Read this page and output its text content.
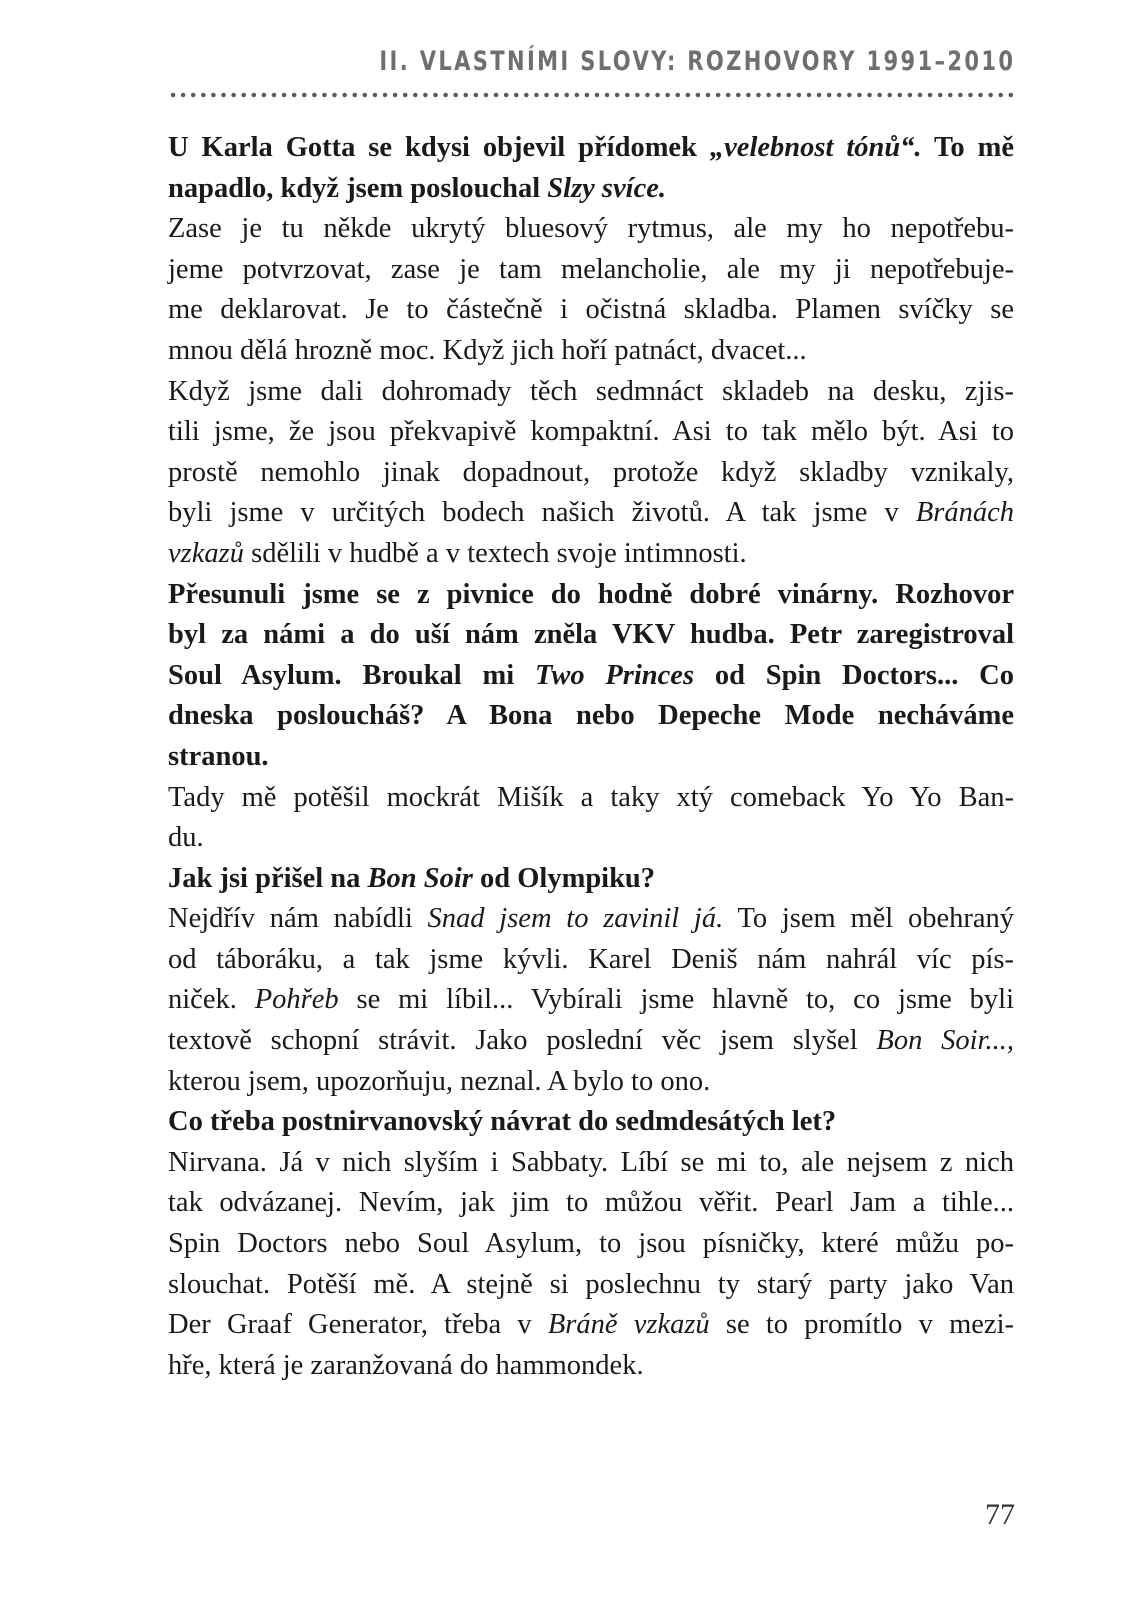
II. VLASTNÍMI SLOVY: ROZHOVORY 1991–2010
U Karla Gotta se kdysi objevil přídomek „velebnost tónů“. To mě
napadlo, když jsem poslouchal Slzy svíce.
Zase je tu někde ukrytý bluesový rytmus, ale my ho nepotřebu-
jeme potvrzovat, zase je tam melancholie, ale my ji nepotřebuje-
me deklarovat. Je to částečně i očistná skladba. Plamen svíčky se
mnou dělá hrozně moc. Když jich hoří patnáct, dvacet...
Když jsme dali dohromady těch sedmnáct skladeb na desku, zjis-
tili jsme, že jsou překvapivě kompaktní. Asi to tak mělo být. Asi to
prostě nemohlo jinak dopadnout, protože když skladby vznikaly,
byli jsme v určitých bodech našich životů. A tak jsme v Bránách
vzkazů sdělili v hudbě a v textech svoje intimnosti.
Přesunuli jsme se z pivnice do hodně dobré vinárny. Rozhovor
byl za námi a do uší nám zněla VKV hudba. Petr zaregistroval
Soul Asylum. Broukal mi Two Princes od Spin Doctors... Co
dneska posloucháš? A Bona nebo Depeche Mode necháváme
stranou.
Tady mě potěšil mockrát Mišík a taky xtý comeback Yo Yo Ban-
du.
Jak jsi přišel na Bon Soir od Olympiku?
Nejdřív nám nabídli Snad jsem to zavinil já. To jsem měl obehraný
od táboráku, a tak jsme kývli. Karel Deniš nám nahrál víc pís-
niček. Pohřeb se mi líbil... Vybírali jsme hlavně to, co jsme byli
textově schopní strávit. Jako poslední věc jsem slyšel Bon Soir...,
kterou jsem, upozorňuju, neznal. A bylo to ono.
Co třeba postnirvanovský návrat do sedmdesátých let?
Nirvana. Já v nich slyším i Sabbaty. Líbí se mi to, ale nejsem z nich
tak odvázanej. Nevím, jak jim to můžou věřit. Pearl Jam a tihle...
Spin Doctors nebo Soul Asylum, to jsou písničky, které můžu po-
slouchat. Potěší mě. A stejně si poslechnu ty starý party jako Van
Der Graaf Generator, třeba v Bráně vzkazů se to promítlo v mezi-
hře, která je zaranžovaná do hammondek.
77
